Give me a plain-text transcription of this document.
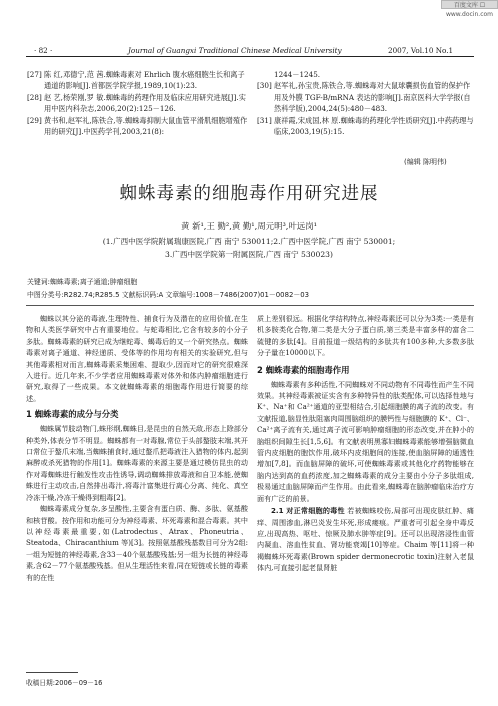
百度文库 ☐ www.docin.com
· 82 ·	Journal of Guangxi Traditional Chinese Medical University	2007, Vol.10 No.1
[27] 陈 红,邓德宁,范 茜.蜘蛛毒素对 Ehrlich 腹水癌细胞生长和离子通道的影响[J].首都医学院学报,1989,10(1):23.
[28] 赵 艺,杨荣刚,罗 敏.蜘蛛毒的药理作用及临床应用研究进展[J].实用中医内科杂志,2006,20(2):125－126.
[29] 黄书和,赵军礼,陈铁合,等.蜘蛛毒抑制大鼠血管平滑肌细胞增殖作用的研究[J].中医药学刊,2003,21(8):
1244－1245.
[30] 赵军礼,孙宝贵,陈铁合,等.蜘蛛毒对大鼠球囊损伤血管的保护作用及外膜 TGF-B/mRNA 表达的影响[J].南京医科大学学报(自然科学版),2004,24(5):480－483.
[31] 康祥霞,宋成国,林 原.蜘蛛毒的药理化学性质研究[J].中药药理与临床,2003,19(5):15.
(编辑 陈明伟)
蜘蛛毒素的细胞毒作用研究进展
黄 新¹,王 勤²,黄 勤¹,周元明³,叶远岗¹
(1.广西中医学院附属瑞康医院,广西 南宁 530011;2.广西中医学院,广西 南宁 530001;
3.广西中医学院第一附属医院,广西 南宁 530023)
关键词:蜘蛛毒素;离子通道;肿瘤细胞
中图分类号:R282.74;R285.5 文献标识码:A 文章编号:1008－7486(2007)01－0082－03
蜘蛛以其分泌的毒液,生理特性、捕食行为及潜在的应用价值,在生物和人类医学研究中占有重要地位。与蛇毒相比,它含有较多的小分子多肽。蜘蛛毒素的研究已成为继蛇毒、蝎毒后的又一个研究热点。蜘蛛毒素对离子通道、神经递质、受体等的作用均有相关的实验研究,但与其他毒素相对而言,蜘蛛毒素采集困难、提取少,因而对它的研究很难深入进行。近几年来,不少学者应用蜘蛛毒素对体外和体内肿瘤细胞进行研究,取得了一些成果。本文就蜘蛛毒素的细胞毒作用进行简要的综述。
1 蜘蛛毒素的成分与分类
蜘蛛属节肢动物门,蛛形纲,蜘蛛目,是昆虫的自然天敌,形态上除部分种类外,体表分节不明显。蜘蛛都有一对毒腺,常位于头部螯肢末端,其开口常位于螯爪末端,当蜘蛛捕食时,通过螯爪把毒液注入猎物的体内,起到麻醉或杀死猎物的作用[1]。蜘蛛毒素的来源主要是通过模仿昆虫的动作对毒蜘蛛进行触发性攻击性诱导,调动蜘蛛排放毒液和自卫本能,使蜘蛛进行主动攻击,自然排出毒汁,将毒汁富集进行离心分离、纯化、真空冷冻干燥,冷冻干燥得到粗毒[2]。
蜘蛛毒素成分复杂,多呈酸性,主要含有蛋白质、酶、多肽、氨基酸和核苷酸。按作用和功能可分为神经毒素、坏死毒素和混合毒素。其中以神经毒素最重要,如(Latrodectus、Atrax、Phoneutria、Steatoda、Chiracanthium 等)[3]。按照氨基酸残基数目可分为2组:一组为短链的神经毒素,含33－40个氨基酸残基;另一组为长链的神经毒素,含62－77个氨基酸残基。但从生理活性来看,同在短链或长链的毒素有的在性
质上差别很远。根据化学结构特点,神经毒素还可以分为3类:一类是有机多胺类化合物,第二类是大分子蛋白质,第三类是丰富多样的富含二硫键的多肽[4]。目前报道一级结构的多肽共有100多种,大多数多肽分子量在10000以下。
2 蜘蛛毒素的细胞毒作用
蜘蛛毒素有多种活性,不同蜘蛛对不同动物有不同毒性而产生不同效果。其神经毒素被证实含有多种特异性的肽类配体,可以选择性地与 K⁺、Na⁺和 Ca²⁺通道的亚型相结合,引起细胞膜的离子流的改变。有文献报道,脑显性肽阻塞肉周围脑组织的膜钙性与细胞膜的 K⁺、Cl⁻、Ca²⁺离子流有关,通过离子流可影响肿瘤细胞的形态改变,并在肿小的脑组织间隙生长[1,5,6]。有文献表明黑寡妇蜘蛛毒素能够增强脑微血管内皮细胞的胞饮作用,破坏内皮细胞间的连接,使血脑屏障的通透性增加[7,8]。而血脑屏障的破坏,可使蜘蛛毒素或其他化疗药物能够在脑内达到高的血药浓度,加之蜘蛛毒素的成分主要由小分子多肽组成,极易通过血脑屏障而产生作用。由此看来,蜘蛛毒在脑肿瘤临床治疗方面有广泛的前景。
2.1 对正常细胞的毒性 若被蜘蛛咬伤,局部可出现皮肤红肿、痛痒、周围渗血,淋巴炎发生坏死,形成瘘痕。严重者可引起全身中毒反应,出现高热、呕吐、惊厥及肺水肿等症[9]。还可以出现溶浸性血管内凝血、溶血性贫血、肾功能衰竭[10]等症。Chaim 等[11]将一种褐蜘蛛坏死毒素(Brown spider dermonecrotic toxin)注射入老鼠体内,可直接引起老鼠肾脏
收稿日期:2006－09－16
